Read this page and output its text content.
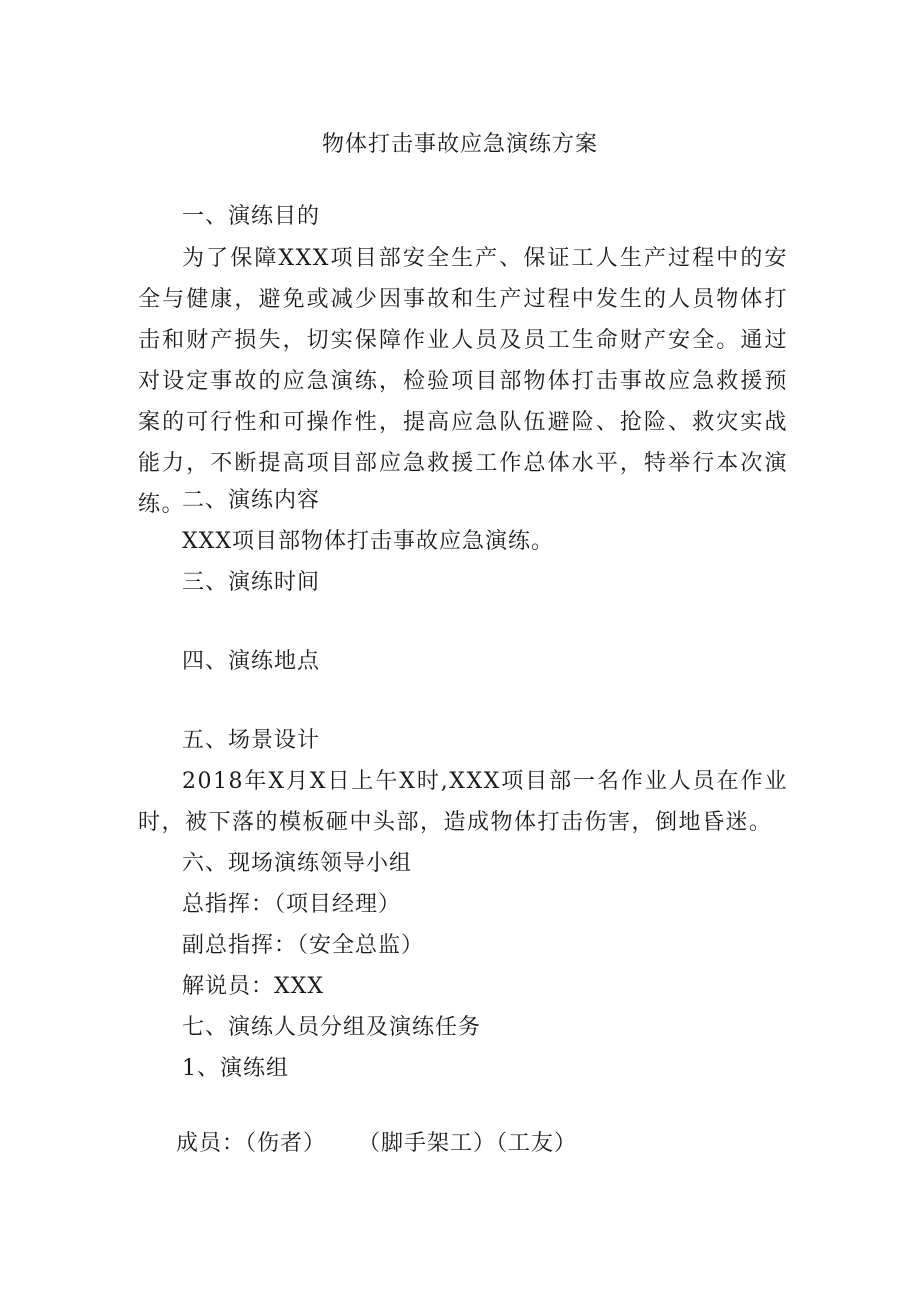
物体打击事故应急演练方案
一、演练目的
为了保障XXX项目部安全生产、保证工人生产过程中的安全与健康，避免或减少因事故和生产过程中发生的人员物体打击和财产损失，切实保障作业人员及员工生命财产安全。通过对设定事故的应急演练，检验项目部物体打击事故应急救援预案的可行性和可操作性，提高应急队伍避险、抢险、救灾实战能力，不断提高项目部应急救援工作总体水平，特举行本次演练。
二、演练内容
XXX项目部物体打击事故应急演练。
三、演练时间
四、演练地点
五、场景设计
2018年X月X日上午X时,XXX项目部一名作业人员在作业时，被下落的模板砸中头部，造成物体打击伤害，倒地昏迷。
六、现场演练领导小组
总指挥：（项目经理）
副总指挥：（安全总监）
解说员：XXX
七、演练人员分组及演练任务
1、演练组
成员：（伤者）    （脚手架工）（工友）
